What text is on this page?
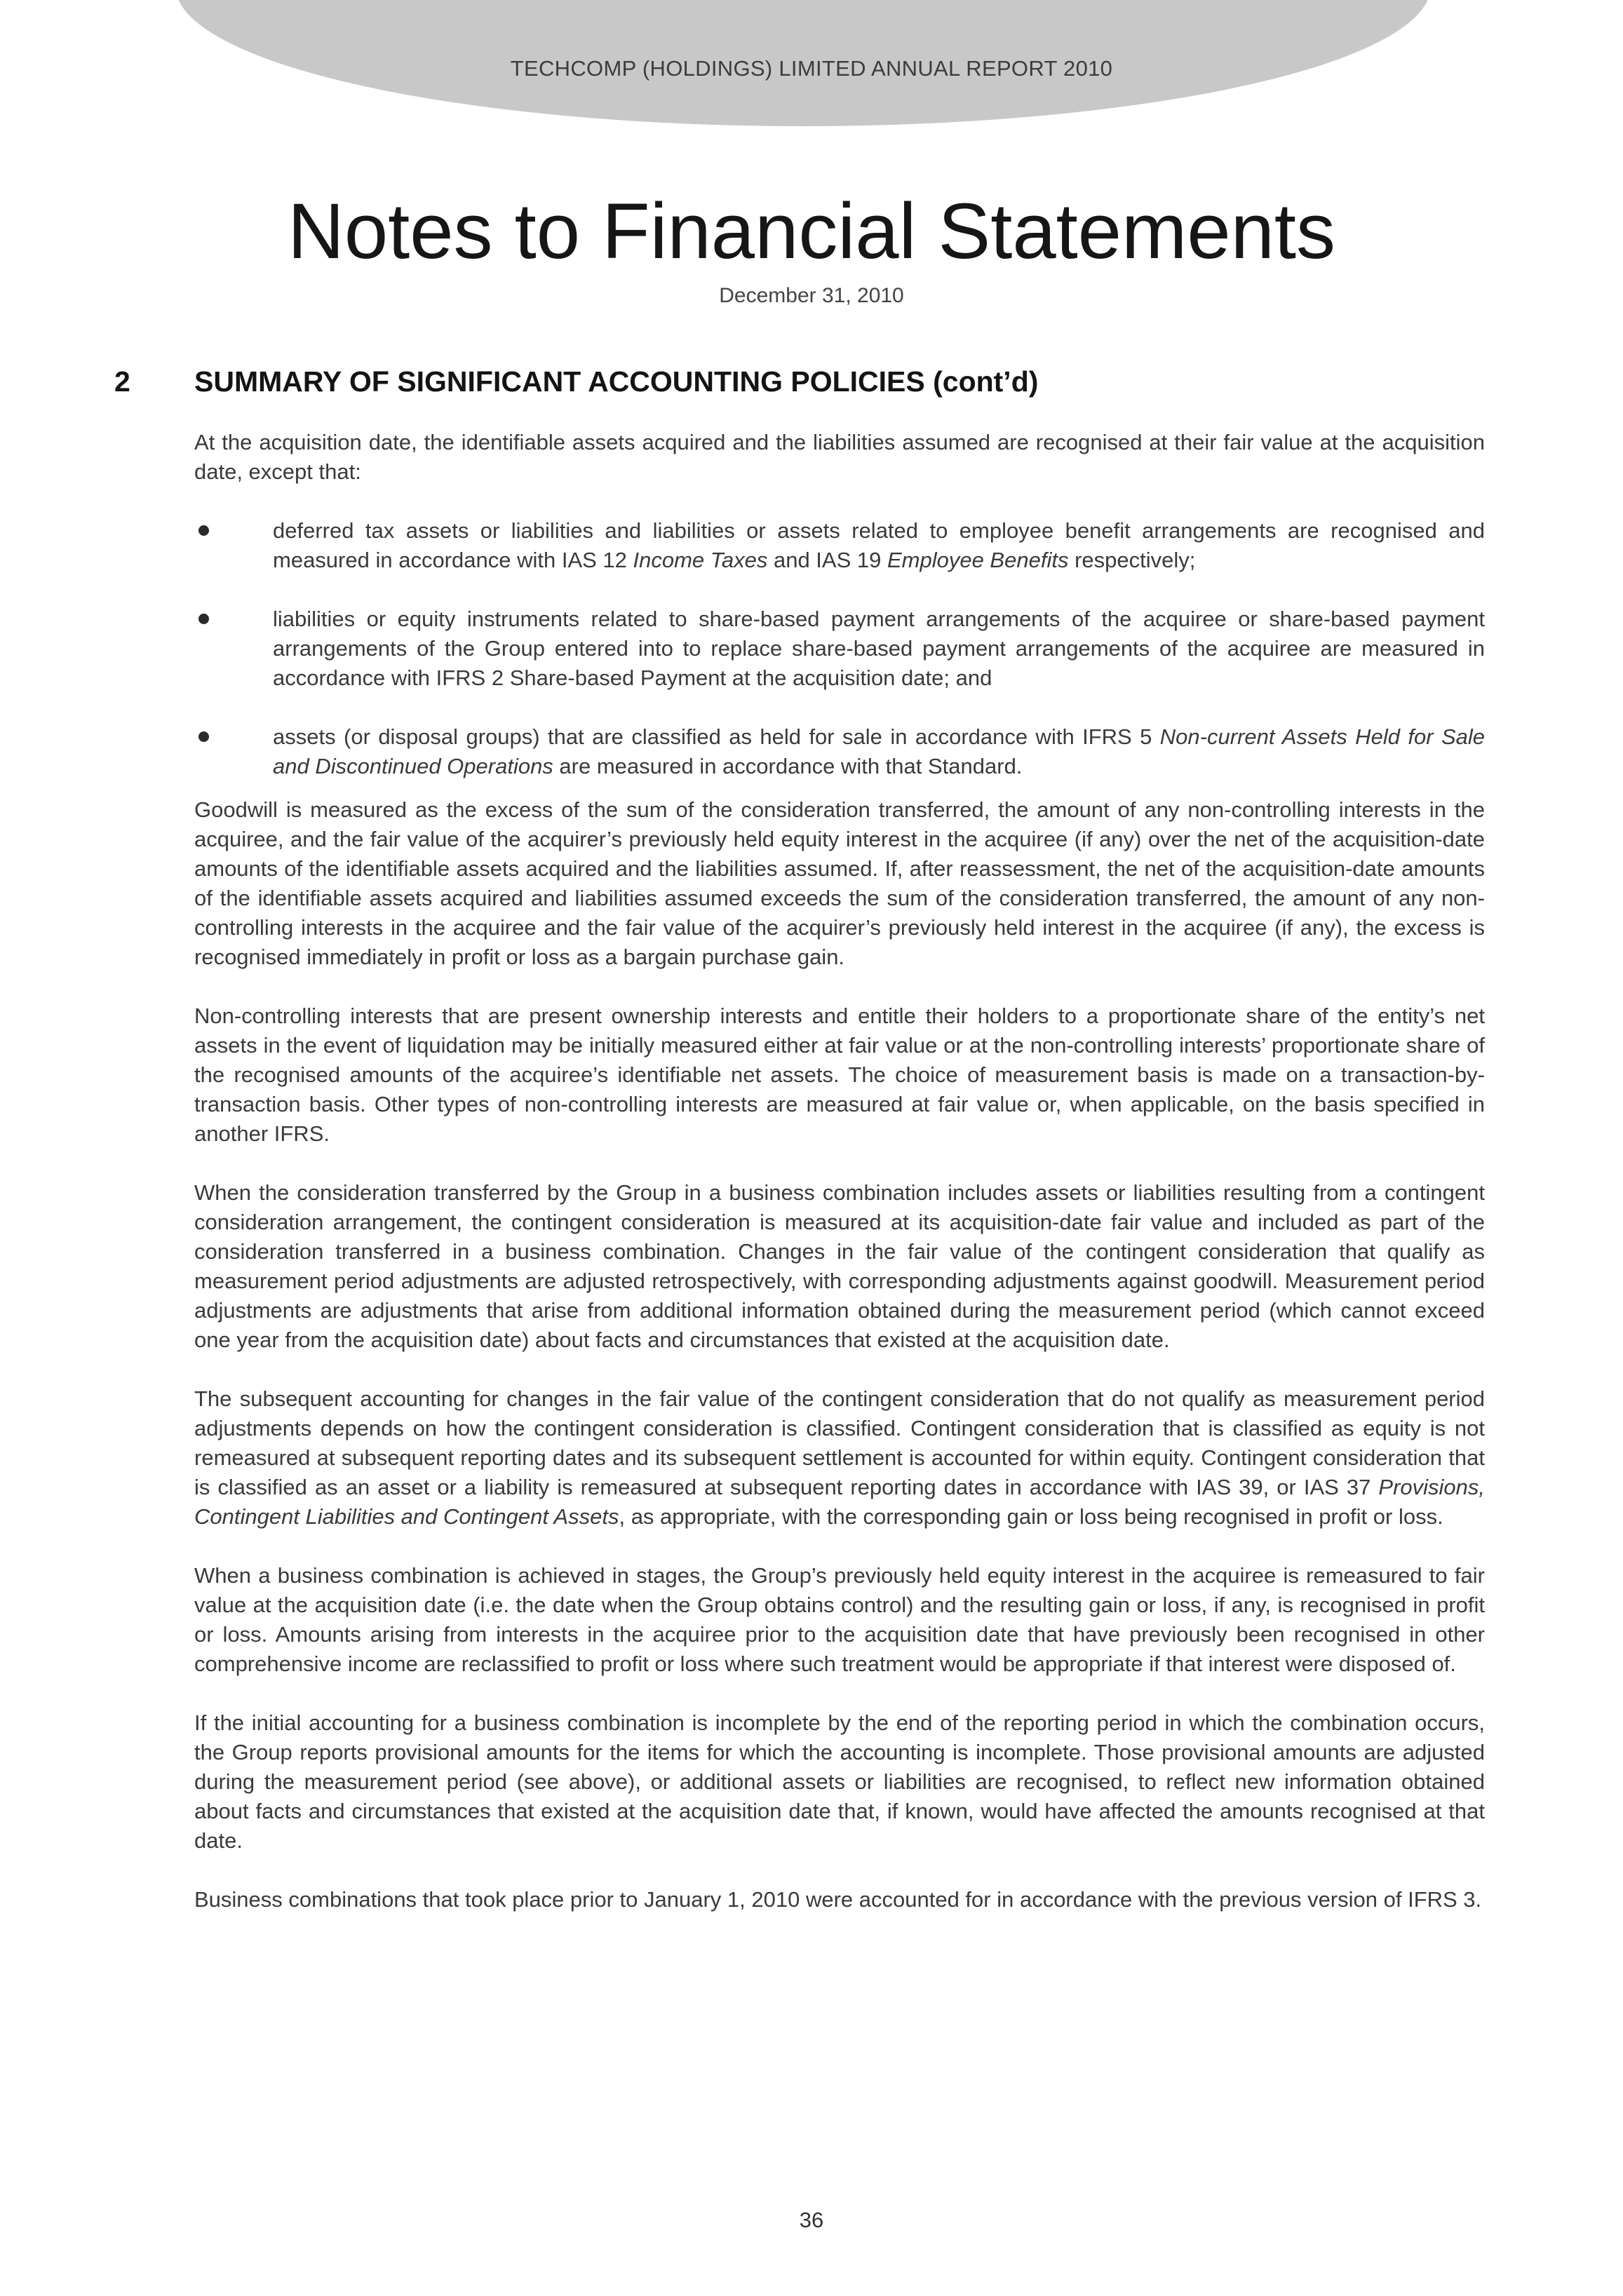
TECHCOMP (HOLDINGS) LIMITED ANNUAL REPORT 2010
Notes to Financial Statements
December 31, 2010
2 SUMMARY OF SIGNIFICANT ACCOUNTING POLICIES (cont’d)

At the acquisition date, the identifiable assets acquired and the liabilities assumed are recognised at their fair value at the acquisition date, except that:

deferred tax assets or liabilities and liabilities or assets related to employee benefit arrangements are recognised and measured in accordance with IAS 12 Income Taxes and IAS 19 Employee Benefits respectively;
liabilities or equity instruments related to share-based payment arrangements of the acquiree or share-based payment arrangements of the Group entered into to replace share-based payment arrangements of the acquiree are measured in accordance with IFRS 2 Share-based Payment at the acquisition date; and
assets (or disposal groups) that are classified as held for sale in accordance with IFRS 5 Non-current Assets Held for Sale and Discontinued Operations are measured in accordance with that Standard.

Goodwill is measured as the excess of the sum of the consideration transferred, the amount of any non-controlling interests in the acquiree, and the fair value of the acquirer’s previously held equity interest in the acquiree (if any) over the net of the acquisition-date amounts of the identifiable assets acquired and the liabilities assumed. If, after reassessment, the net of the acquisition-date amounts of the identifiable assets acquired and liabilities assumed exceeds the sum of the consideration transferred, the amount of any non-controlling interests in the acquiree and the fair value of the acquirer’s previously held interest in the acquiree (if any), the excess is recognised immediately in profit or loss as a bargain purchase gain.

Non-controlling interests that are present ownership interests and entitle their holders to a proportionate share of the entity’s net assets in the event of liquidation may be initially measured either at fair value or at the non-controlling interests’ proportionate share of the recognised amounts of the acquiree’s identifiable net assets. The choice of measurement basis is made on a transaction-by-transaction basis. Other types of non-controlling interests are measured at fair value or, when applicable, on the basis specified in another IFRS.

When the consideration transferred by the Group in a business combination includes assets or liabilities resulting from a contingent consideration arrangement, the contingent consideration is measured at its acquisition-date fair value and included as part of the consideration transferred in a business combination. Changes in the fair value of the contingent consideration that qualify as measurement period adjustments are adjusted retrospectively, with corresponding adjustments against goodwill. Measurement period adjustments are adjustments that arise from additional information obtained during the measurement period (which cannot exceed one year from the acquisition date) about facts and circumstances that existed at the acquisition date.

The subsequent accounting for changes in the fair value of the contingent consideration that do not qualify as measurement period adjustments depends on how the contingent consideration is classified. Contingent consideration that is classified as equity is not remeasured at subsequent reporting dates and its subsequent settlement is accounted for within equity. Contingent consideration that is classified as an asset or a liability is remeasured at subsequent reporting dates in accordance with IAS 39, or IAS 37 Provisions, Contingent Liabilities and Contingent Assets, as appropriate, with the corresponding gain or loss being recognised in profit or loss.

When a business combination is achieved in stages, the Group’s previously held equity interest in the acquiree is remeasured to fair value at the acquisition date (i.e. the date when the Group obtains control) and the resulting gain or loss, if any, is recognised in profit or loss. Amounts arising from interests in the acquiree prior to the acquisition date that have previously been recognised in other comprehensive income are reclassified to profit or loss where such treatment would be appropriate if that interest were disposed of.

If the initial accounting for a business combination is incomplete by the end of the reporting period in which the combination occurs, the Group reports provisional amounts for the items for which the accounting is incomplete. Those provisional amounts are adjusted during the measurement period (see above), or additional assets or liabilities are recognised, to reflect new information obtained about facts and circumstances that existed at the acquisition date that, if known, would have affected the amounts recognised at that date.

Business combinations that took place prior to January 1, 2010 were accounted for in accordance with the previous version of IFRS 3.

36
